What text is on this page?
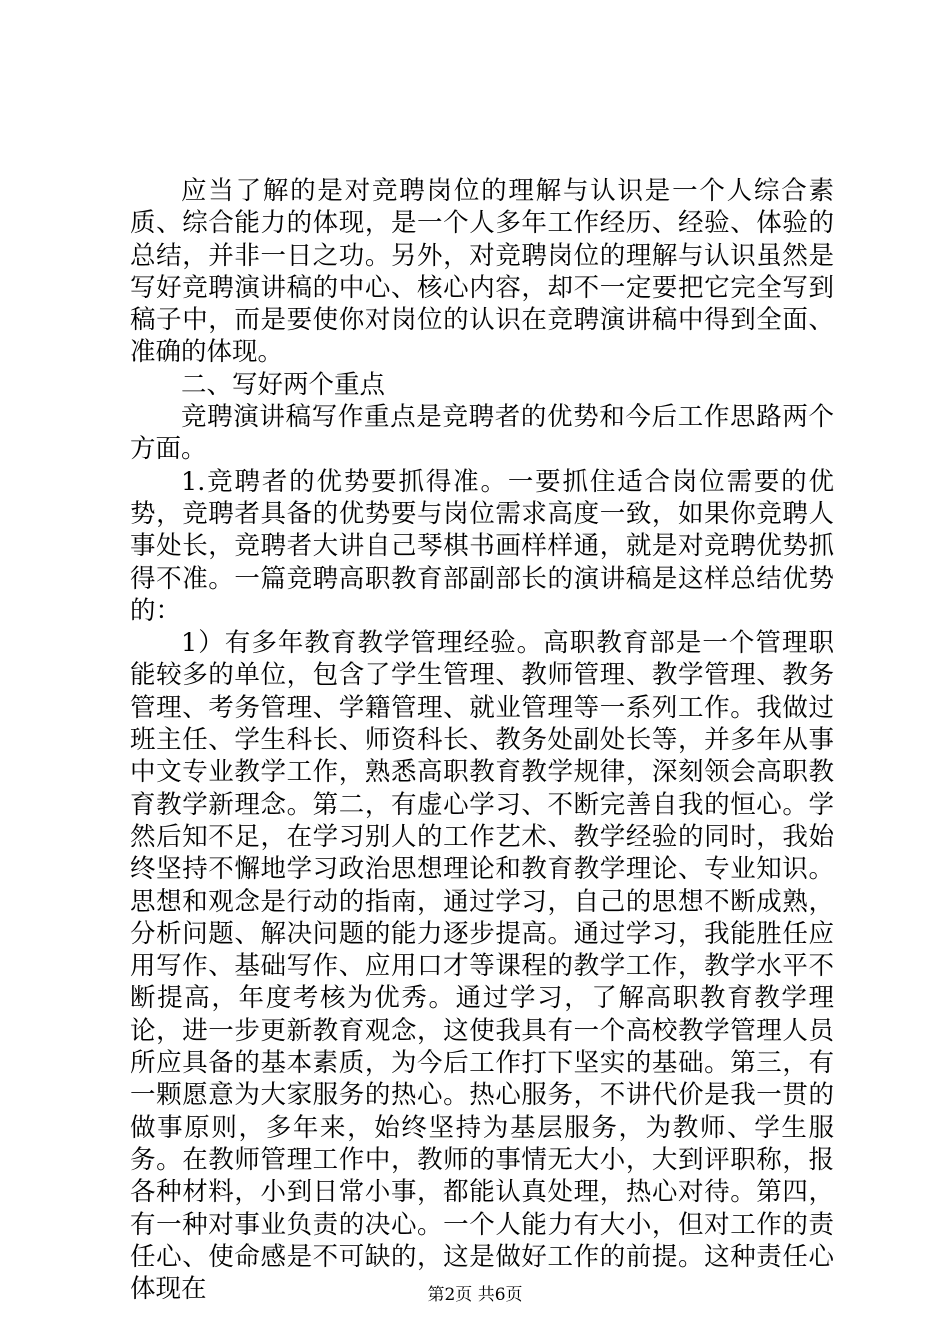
应当了解的是对竞聘岗位的理解与认识是一个人综合素质、综合能力的体现，是一个人多年工作经历、经验、体验的总结，并非一日之功。另外，对竞聘岗位的理解与认识虽然是写好竞聘演讲稿的中心、核心内容，却不一定要把它完全写到稿子中，而是要使你对岗位的认识在竞聘演讲稿中得到全面、准确的体现。

二、写好两个重点

竞聘演讲稿写作重点是竞聘者的优势和今后工作思路两个方面。

1.竞聘者的优势要抓得准。一要抓住适合岗位需要的优势，竞聘者具备的优势要与岗位需求高度一致，如果你竞聘人事处长，竞聘者大讲自己琴棋书画样样通，就是对竞聘优势抓得不准。一篇竞聘高职教育部副部长的演讲稿是这样总结优势的：

1）有多年教育教学管理经验。高职教育部是一个管理职能较多的单位，包含了学生管理、教师管理、教学管理、教务管理、考务管理、学籍管理、就业管理等一系列工作。我做过班主任、学生科长、师资科长、教务处副处长等，并多年从事中文专业教学工作，熟悉高职教育教学规律，深刻领会高职教育教学新理念。第二，有虚心学习、不断完善自我的恒心。学然后知不足，在学习别人的工作艺术、教学经验的同时，我始终坚持不懈地学习政治思想理论和教育教学理论、专业知识。思想和观念是行动的指南，通过学习，自己的思想不断成熟，分析问题、解决问题的能力逐步提高。通过学习，我能胜任应用写作、基础写作、应用口才等课程的教学工作，教学水平不断提高，年度考核为优秀。通过学习，了解高职教育教学理论，进一步更新教育观念，这使我具有一个高校教学管理人员所应具备的基本素质，为今后工作打下坚实的基础。第三，有一颗愿意为大家服务的热心。热心服务，不讲代价是我一贯的做事原则，多年来，始终坚持为基层服务，为教师、学生服务。在教师管理工作中，教师的事情无大小，大到评职称，报各种材料，小到日常小事，都能认真处理，热心对待。第四，有一种对事业负责的决心。一个人能力有大小，但对工作的责任心、使命感是不可缺的，这是做好工作的前提。这种责任心体现在	第2页 共6页
